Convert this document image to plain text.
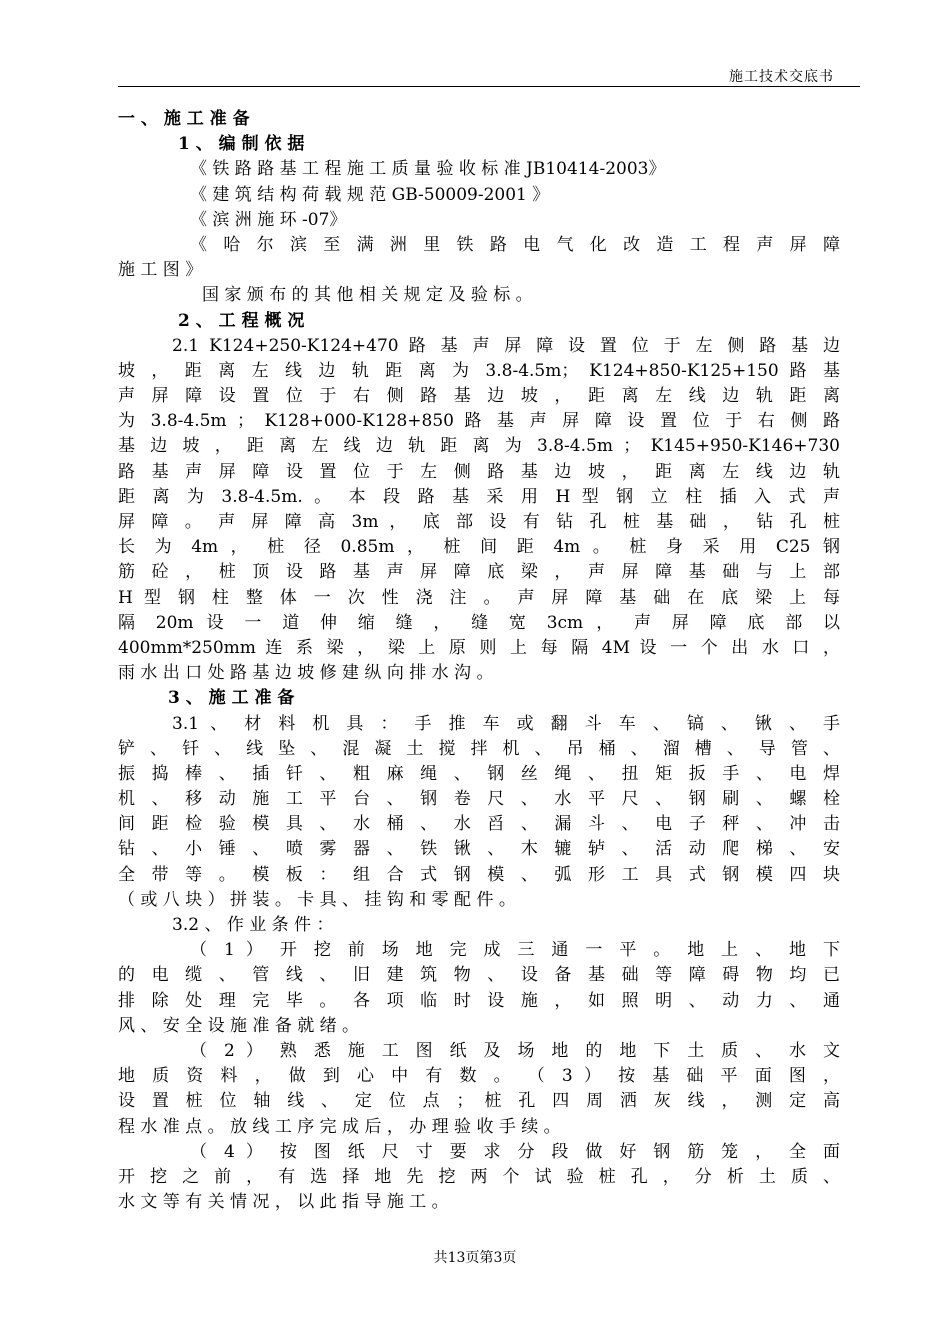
施工技术交底书
一 、 施 工 准 备
1 、 编 制 依 据
《 铁 路 路 基 工 程 施 工 质 量 验 收 标 准 JB10414-2003》
《 建 筑 结 构 荷 载 规 范 GB-50009-2001 》
《 滨 洲 施 环 -07》
《 哈 尔 滨 至 满 洲 里 铁 路 电 气 化 改 造 工 程 声 屏 障
施 工 图 》
国 家 颁 布 的 其 他 相 关 规 定 及 验 标 。
2 、 工 程 概 况
2.1 K124+250-K124+470 路 基 声 屏 障 设 置 位 于 左 侧 路 基 边
坡 ， 距 离 左 线 边 轨 距 离 为 3.8-4.5m； K124+850-K125+150 路 基
声 屏 障 设 置 位 于 右 侧 路 基 边 坡 ， 距 离 左 线 边 轨 距 离
为 3.8-4.5m ； K128+000-K128+850 路 基 声 屏 障 设 置 位 于 右 侧 路
基 边 坡 ， 距 离 左 线 边 轨 距 离 为 3.8-4.5m ； K145+950-K146+730
路 基 声 屏 障 设 置 位 于 左 侧 路 基 边 坡 ， 距 离 左 线 边 轨
距 离 为 3.8-4.5m. 。 本 段 路 基 采 用 H 型 钢 立 柱 插 入 式 声
屏 障 。 声 屏 障 高 3m ， 底 部 设 有 钻 孔 桩 基 础 ， 钻 孔 桩
长 为 4m ， 桩 径 0.85m ， 桩 间 距 4m 。 桩 身 采 用 C25 钢
筋 砼 ， 桩 顶 设 路 基 声 屏 障 底 梁 ， 声 屏 障 基 础 与 上 部
H 型 钢 柱 整 体 一 次 性 浇 注 。 声 屏 障 基 础 在 底 梁 上 每
隔 20m 设 一 道 伸 缩 缝 ， 缝 宽 3cm ， 声 屏 障 底 部 以
400mm*250mm 连 系 梁 ， 梁 上 原 则 上 每 隔 4M 设 一 个 出 水 口 ，
雨 水 出 口 处 路 基 边 坡 修 建 纵 向 排 水 沟 。
3 、 施 工 准 备
3.1 、 材 料 机 具 ： 手 推 车 或 翻 斗 车 、 镐 、 锹 、 手
铲 、 钎 、 线 坠 、 混 凝 土 搅 拌 机 、 吊 桶 、 溜 槽 、 导 管 、
振 捣 棒 、 插 钎 、 粗 麻 绳 、 钢 丝 绳 、 扭 矩 扳 手 、 电 焊
机 、 移 动 施 工 平 台 、 钢 卷 尺 、 水 平 尺 、 钢 刷 、 螺 栓
间 距 检 验 模 具 、 水 桶 、 水 舀 、 漏 斗 、 电 子 秤 、 冲 击
钻 、 小 锤 、 喷 雾 器 、 铁 锹 、 木 辘 轳 、 活 动 爬 梯 、 安
全 带 等 。 模 板 ： 组 合 式 钢 模 、 弧 形 工 具 式 钢 模 四 块
（ 或 八 块 ） 拼 装 。 卡 具 、 挂 钩 和 零 配 件 。
3.2 、 作 业 条 件 ：
（ 1 ） 开 挖 前 场 地 完 成 三 通 一 平 。 地 上 、 地 下
的 电 缆 、 管 线 、 旧 建 筑 物 、 设 备 基 础 等 障 碍 物 均 已
排 除 处 理 完 毕 。 各 项 临 时 设 施 ， 如 照 明 、 动 力 、 通
风 、 安 全 设 施 准 备 就 绪 。
（ 2 ） 熟 悉 施 工 图 纸 及 场 地 的 地 下 土 质 、 水 文
地 质 资 料 ， 做 到 心 中 有 数 。 （ 3 ） 按 基 础 平 面 图 ，
设 置 桩 位 轴 线 、 定 位 点 ； 桩 孔 四 周 洒 灰 线 ， 测 定 高
程 水 准 点 。 放 线 工 序 完 成 后 ， 办 理 验 收 手 续 。
（ 4 ） 按 图 纸 尺 寸 要 求 分 段 做 好 钢 筋 笼 ， 全 面
开 挖 之 前 ， 有 选 择 地 先 挖 两 个 试 验 桩 孔 ， 分 析 土 质 、
水 文 等 有 关 情 况 ， 以 此 指 导 施 工 。
共13页第3页
